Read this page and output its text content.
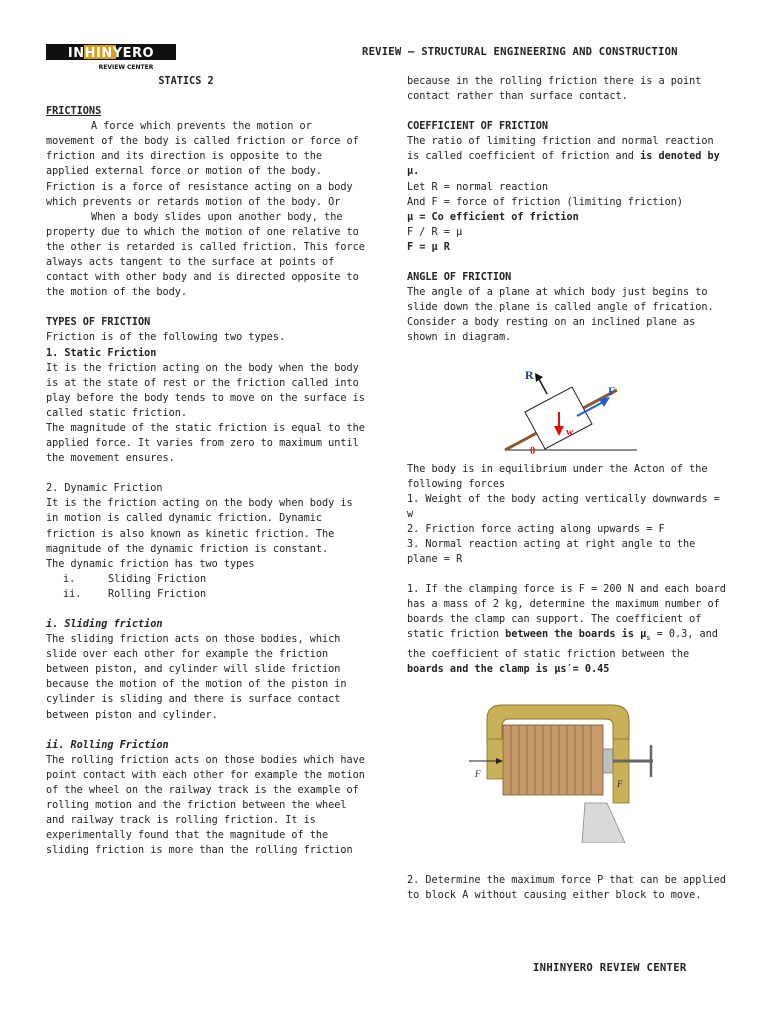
INHINYERO
REVIEW CENTER
REVIEW – STRUCTURAL ENGINEERING AND CONSTRUCTION

STATICS 2

FRICTIONS

A force which prevents the motion or movement of the body is called friction or force of friction and its direction is opposite to the applied external force or motion of the body. Friction is a force of resistance acting on a body which prevents or retards motion of the body. Or

When a body slides upon another body, the property due to which the motion of one relative to the other is retarded is called friction. This force always acts tangent to the surface at points of contact with other body and is directed opposite to the motion of the body.

TYPES OF FRICTION

Friction is of the following two types.

1. Static Friction

It is the friction acting on the body when the body is at the state of rest or the friction called into play before the body tends to move on the surface is called static friction.

The magnitude of the static friction is equal to the applied force. It varies from zero to maximum until the movement ensures.

2. Dynamic Friction

It is the friction acting on the body when body is in motion is called dynamic friction. Dynamic friction is also known as kinetic friction. The magnitude of the dynamic friction is constant.

The dynamic friction has two types

i.	Sliding Friction

ii.	Rolling Friction

i. Sliding friction

The sliding friction acts on those bodies, which slide over each other for example the friction between piston, and cylinder will slide friction because the motion of the motion of the piston in cylinder is sliding and there is surface contact between piston and cylinder.

ii. Rolling Friction

The rolling friction acts on those bodies which have point contact with each other for example the motion of the wheel on the railway track is the example of rolling motion and the friction between the wheel and railway track is rolling friction. It is experimentally found that the magnitude of the sliding friction is more than the rolling friction

because in the rolling friction there is a point contact rather than surface contact.

COEFFICIENT OF FRICTION

The ratio of limiting friction and normal reaction is called coefficient of friction and is denoted by μ.

Let R = normal reaction

And F = force of friction (limiting friction)

μ = Co efficient of friction

F / R = μ

F = μ R

ANGLE OF FRICTION

The angle of a plane at which body just begins to slide down the plane is called angle of frication. Consider a body resting on an inclined plane as shown in diagram.

R
F
w
θ

The body is in equilibrium under the Acton of the following forces

1. Weight of the body acting vertically downwards = w

2. Friction force acting along upwards = F

3. Normal reaction acting at right angle to the plane = R

1. If the clamping force is F = 200 N and each board has a mass of 2 kg, determine the maximum number of boards the clamp can support. The coefficient of static friction between the boards is $\mu_s = 0.3$, and the coefficient of static friction between the boards and the clamp is μs′= 0.45

F
F

2. Determine the maximum force P that can be applied to block A without causing either block to move.

INHINYERO REVIEW CENTER
